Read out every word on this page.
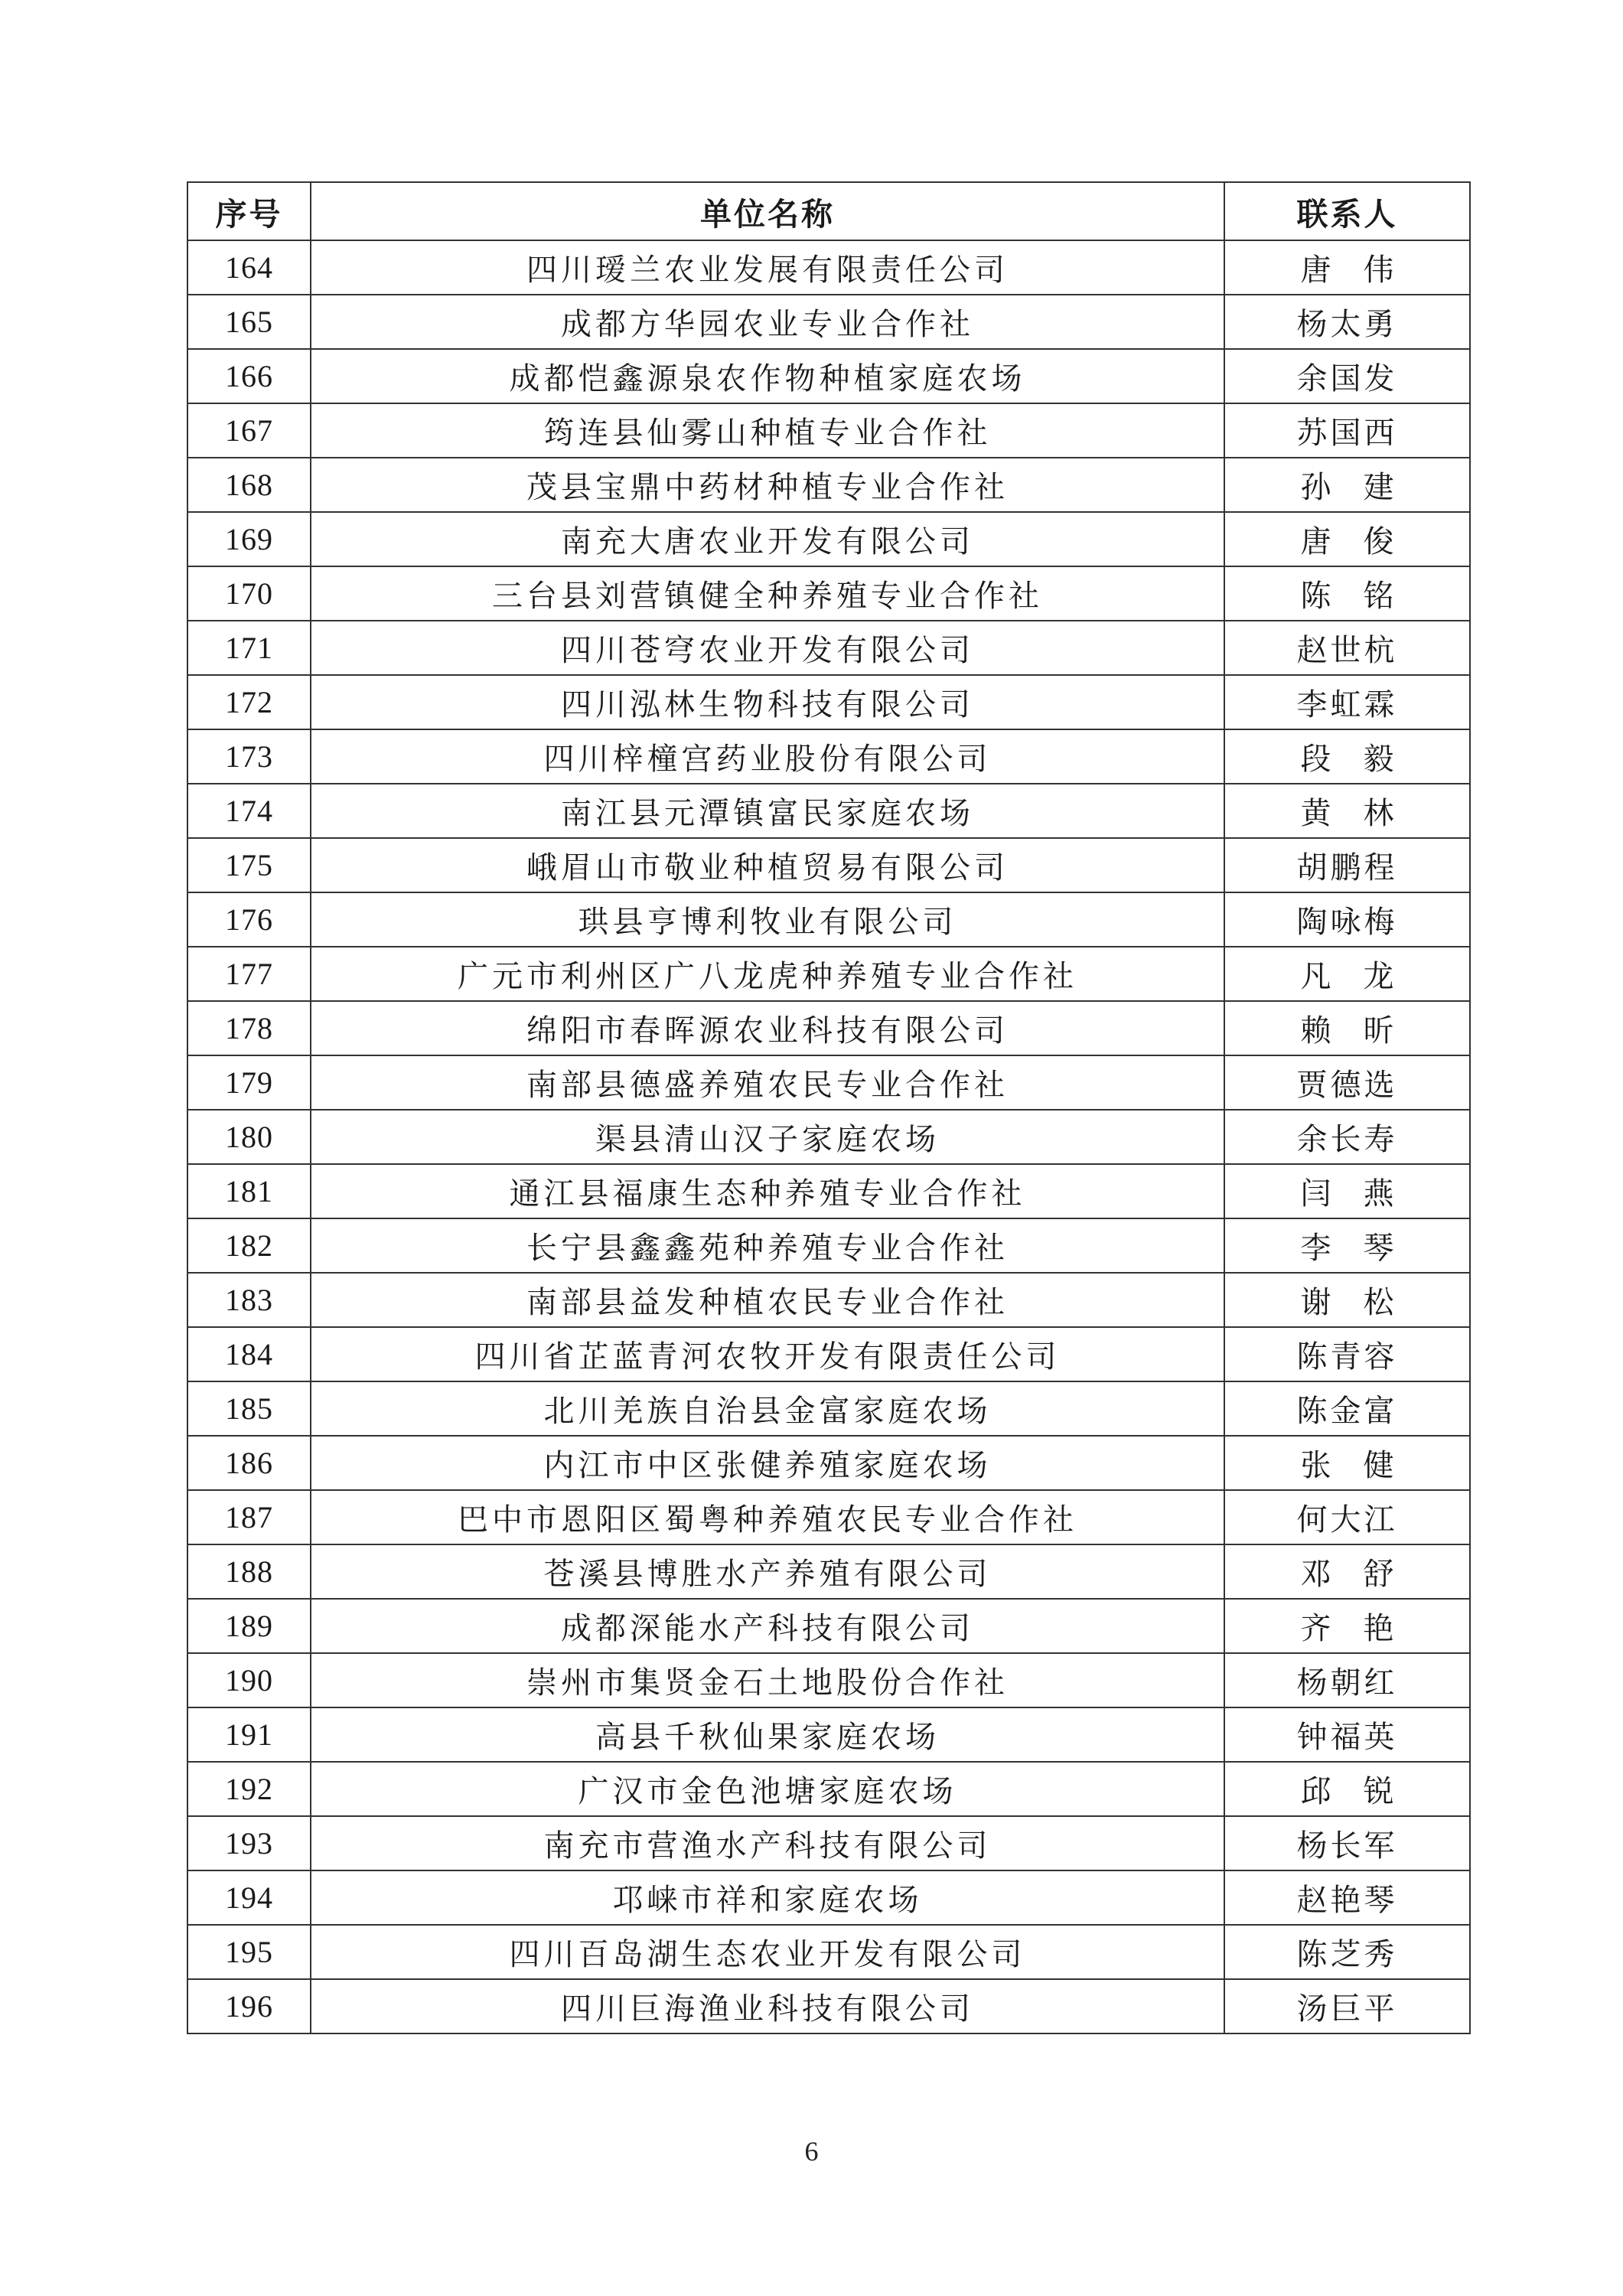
序号	单位名称	联系人
164	四川瑷兰农业发展有限责任公司	唐伟
165	成都方华园农业专业合作社	杨太勇
166	成都恺鑫源泉农作物种植家庭农场	余国发
167	筠连县仙雾山种植专业合作社	苏国西
168	茂县宝鼎中药材种植专业合作社	孙建
169	南充大唐农业开发有限公司	唐俊
170	三台县刘营镇健全种养殖专业合作社	陈铭
171	四川苍穹农业开发有限公司	赵世杭
172	四川泓林生物科技有限公司	李虹霖
173	四川梓橦宫药业股份有限公司	段毅
174	南江县元潭镇富民家庭农场	黄林
175	峨眉山市敬业种植贸易有限公司	胡鹏程
176	珙县亨博利牧业有限公司	陶咏梅
177	广元市利州区广八龙虎种养殖专业合作社	凡龙
178	绵阳市春晖源农业科技有限公司	赖昕
179	南部县德盛养殖农民专业合作社	贾德选
180	渠县清山汉子家庭农场	余长寿
181	通江县福康生态种养殖专业合作社	闫燕
182	长宁县鑫鑫苑种养殖专业合作社	李琴
183	南部县益发种植农民专业合作社	谢松
184	四川省芷蓝青河农牧开发有限责任公司	陈青容
185	北川羌族自治县金富家庭农场	陈金富
186	内江市中区张健养殖家庭农场	张健
187	巴中市恩阳区蜀粤种养殖农民专业合作社	何大江
188	苍溪县博胜水产养殖有限公司	邓舒
189	成都深能水产科技有限公司	齐艳
190	崇州市集贤金石土地股份合作社	杨朝红
191	高县千秋仙果家庭农场	钟福英
192	广汉市金色池塘家庭农场	邱锐
193	南充市营渔水产科技有限公司	杨长军
194	邛崃市祥和家庭农场	赵艳琴
195	四川百岛湖生态农业开发有限公司	陈芝秀
196	四川巨海渔业科技有限公司	汤巨平
6
